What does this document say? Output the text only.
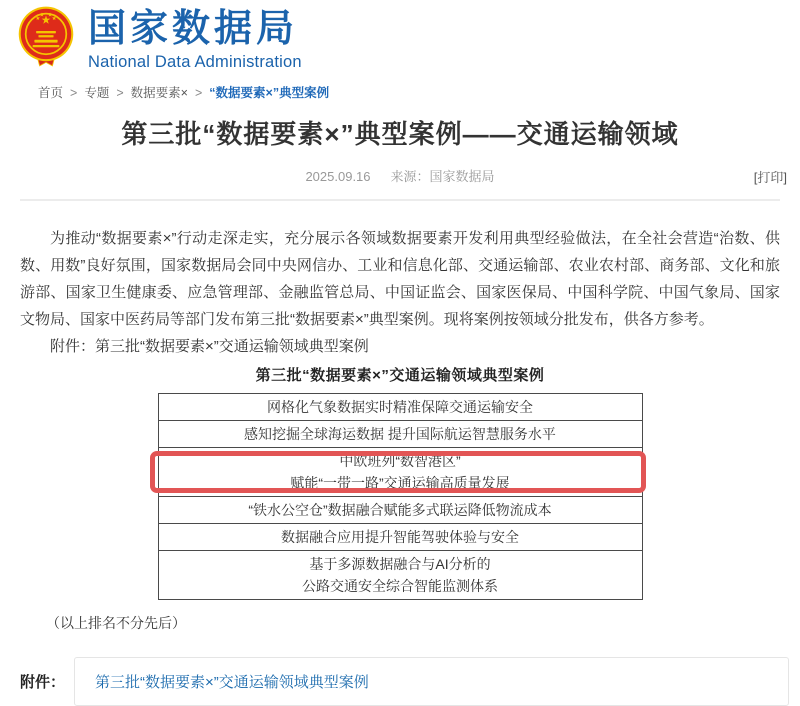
国家数据局
National Data Administration
首页 > 专题 > 数据要素× > “数据要素×”典型案例
第三批“数据要素×”典型案例——交通运输领域
2025.09.16 来源：国家数据局	[打印]

为推动“数据要素×”行动走深走实，充分展示各领域数据要素开发利用典型经验做法，在全社会营造“治数、供数、用数”良好氛围，国家数据局会同中央网信办、工业和信息化部、交通运输部、农业农村部、商务部、文化和旅游部、国家卫生健康委、应急管理部、金融监管总局、中国证监会、国家医保局、中国科学院、中国气象局、国家文物局、国家中医药局等部门发布第三批“数据要素×”典型案例。现将案例按领域分批发布，供各方参考。

附件：第三批“数据要素×”交通运输领域典型案例

第三批“数据要素×”交通运输领域典型案例
网格化气象数据实时精准保障交通运输安全

感知挖掘全球海运数据 提升国际航运智慧服务水平

中欧班列“数智港区”
赋能“一带一路”交通运输高质量发展

“铁水公空仓”数据融合赋能多式联运降低物流成本

数据融合应用提升智能驾驶体验与安全

基于多源数据融合与AI分析的
公路交通安全综合智能监测体系
（以上排名不分先后）
附件：	第三批“数据要素×”交通运输领域典型案例
